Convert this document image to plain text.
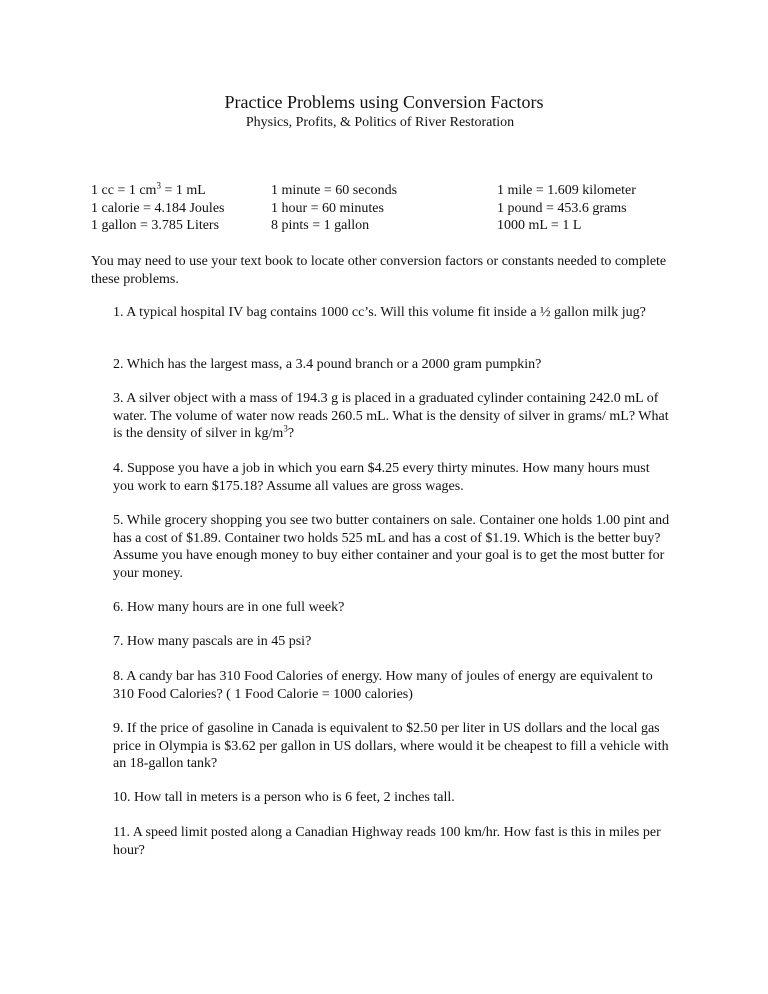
Practice Problems using Conversion Factors
Physics, Profits, & Politics of River Restoration
1 cc = 1 $cm^3 = 1$ mL
1 calorie = 4.184 Joules
1 gallon = 3.785 Liters
1 minute = 60 seconds
1 hour = 60 minutes
8 pints = 1 gallon
1 mile = 1.609 kilometer
1 pound = 453.6 grams
1000 mL = 1 L
You may need to use your text book to locate other conversion factors or constants needed to complete these problems.
1. A typical hospital IV bag contains 1000 cc’s. Will this volume fit inside a ½ gallon milk jug?
2. Which has the largest mass, a 3.4 pound branch or a 2000 gram pumpkin?
3. A silver object with a mass of 194.3 g is placed in a graduated cylinder containing 242.0 mL of water. The volume of water now reads 260.5 mL. What is the density of silver in grams/ mL? What is the density of silver in $kg/m^3$?
4. Suppose you have a job in which you earn $4.25 every thirty minutes. How many hours must you work to earn $175.18? Assume all values are gross wages.
5. While grocery shopping you see two butter containers on sale. Container one holds 1.00 pint and has a cost of $1.89. Container two holds 525 mL and has a cost of $1.19. Which is the better buy? Assume you have enough money to buy either container and your goal is to get the most butter for your money.
6. How many hours are in one full week?
7. How many pascals are in 45 psi?
8. A candy bar has 310 Food Calories of energy. How many of joules of energy are equivalent to 310 Food Calories? ( 1 Food Calorie = 1000 calories)
9. If the price of gasoline in Canada is equivalent to $2.50 per liter in US dollars and the local gas price in Olympia is $3.62 per gallon in US dollars, where would it be cheapest to fill a vehicle with an 18-gallon tank?
10. How tall in meters is a person who is 6 feet, 2 inches tall.
11. A speed limit posted along a Canadian Highway reads 100 km/hr. How fast is this in miles per hour?
